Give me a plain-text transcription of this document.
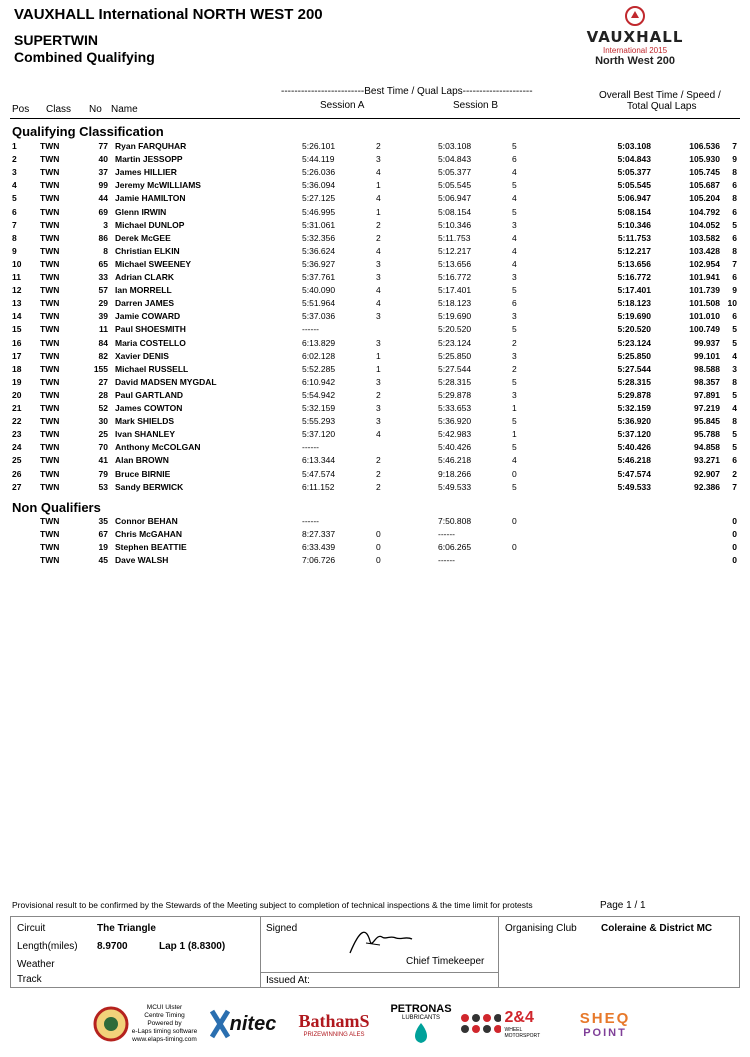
VAUXHALL International NORTH WEST 200
SUPERTWIN
Combined Qualifying
VAUXHALL
International 2015
North West 200
-------------------------Best Time / Qual Laps---------------------
Session A	Session B
Overall Best Time / Speed /
Total Qual Laps
Pos Class No Name
Qualifying Classification
1	TWN	77 Ryan FARQUHAR	5:26.101	2	5:03.108	5	5:03.108	106.536	7
2	TWN	40 Martin JESSOPP	5:44.119	3	5:04.843	6	5:04.843	105.930	9
3	TWN	37 James HILLIER	5:26.036	4	5:05.377	4	5:05.377	105.745	8
4	TWN	99 Jeremy McWILLIAMS	5:36.094	1	5:05.545	5	5:05.545	105.687	6
5	TWN	44 Jamie HAMILTON	5:27.125	4	5:06.947	4	5:06.947	105.204	8
6	TWN	69 Glenn IRWIN	5:46.995	1	5:08.154	5	5:08.154	104.792	6
7	TWN	3 Michael DUNLOP	5:31.061	2	5:10.346	3	5:10.346	104.052	5
8	TWN	86 Derek McGEE	5:32.356	2	5:11.753	4	5:11.753	103.582	6
9	TWN	8 Christian ELKIN	5:36.624	4	5:12.217	4	5:12.217	103.428	8
10	TWN	65 Michael SWEENEY	5:36.927	3	5:13.656	4	5:13.656	102.954	7
11	TWN	33 Adrian CLARK	5:37.761	3	5:16.772	3	5:16.772	101.941	6
12	TWN	57 Ian MORRELL	5:40.090	4	5:17.401	5	5:17.401	101.739	9
13	TWN	29 Darren JAMES	5:51.964	4	5:18.123	6	5:18.123	101.508 10
14	TWN	39 Jamie COWARD	5:37.036	3	5:19.690	3	5:19.690	101.010	6
15	TWN	11 Paul SHOESMITH	------	5:20.520	5	5:20.520	100.749	5
16	TWN	84 Maria COSTELLO	6:13.829	3	5:23.124	2	5:23.124	99.937	5
17	TWN	82 Xavier DENIS	6:02.128	1	5:25.850	3	5:25.850	99.101	4
18	TWN	155 Michael RUSSELL	5:52.285	1	5:27.544	2	5:27.544	98.588	3
19	TWN	27 David MADSEN MYGDAL	6:10.942	3	5:28.315	5	5:28.315	98.357	8
20	TWN	28 Paul GARTLAND	5:54.942	2	5:29.878	3	5:29.878	97.891	5
21	TWN	52 James COWTON	5:32.159	3	5:33.653	1	5:32.159	97.219	4
22	TWN	30 Mark SHIELDS	5:55.293	3	5:36.920	5	5:36.920	95.845	8
23	TWN	25 Ivan SHANLEY	5:37.120	4	5:42.983	1	5:37.120	95.788	5
24	TWN	70 Anthony McCOLGAN	------	5:40.426	5	5:40.426	94.858	5
25	TWN	41 Alan BROWN	6:13.344	2	5:46.218	4	5:46.218	93.271	6
26	TWN	79 Bruce BIRNIE	5:47.574	2	9:18.266	0	5:47.574	92.907	2
27	TWN	53 Sandy BERWICK	6:11.152	2	5:49.533	5	5:49.533	92.386	7
Non Qualifiers
TWN	35 Connor BEHAN	------	7:50.808	0	0
TWN	67 Chris McGAHAN	8:27.337	0	------	0
TWN	19 Stephen BEATTIE	6:33.439	0	6:06.265	0	0
TWN	45 Dave WALSH	7:06.726	0	------	0
Provisional result to be confirmed by the Stewards of the Meeting subject to completion of technical inspections & the time limit for protests	Page 1 / 1
Circuit	The Triangle
Length(miles) 8.9700	Lap 1 (8.8300)
Weather
Track
Signed
Chief Timekeeper
Issued At:
Organising Club Coleraine & District MC
MCUI Ulster
Centre Timing
Powered by
e-Laps timing software
www.elaps-timing.com
nitec BathamS
PRIZEWINNING ALES
PETRONAS
LUBRICANTS	2&4
WHEEL MOTORSPORT
SHEQ
POINT
